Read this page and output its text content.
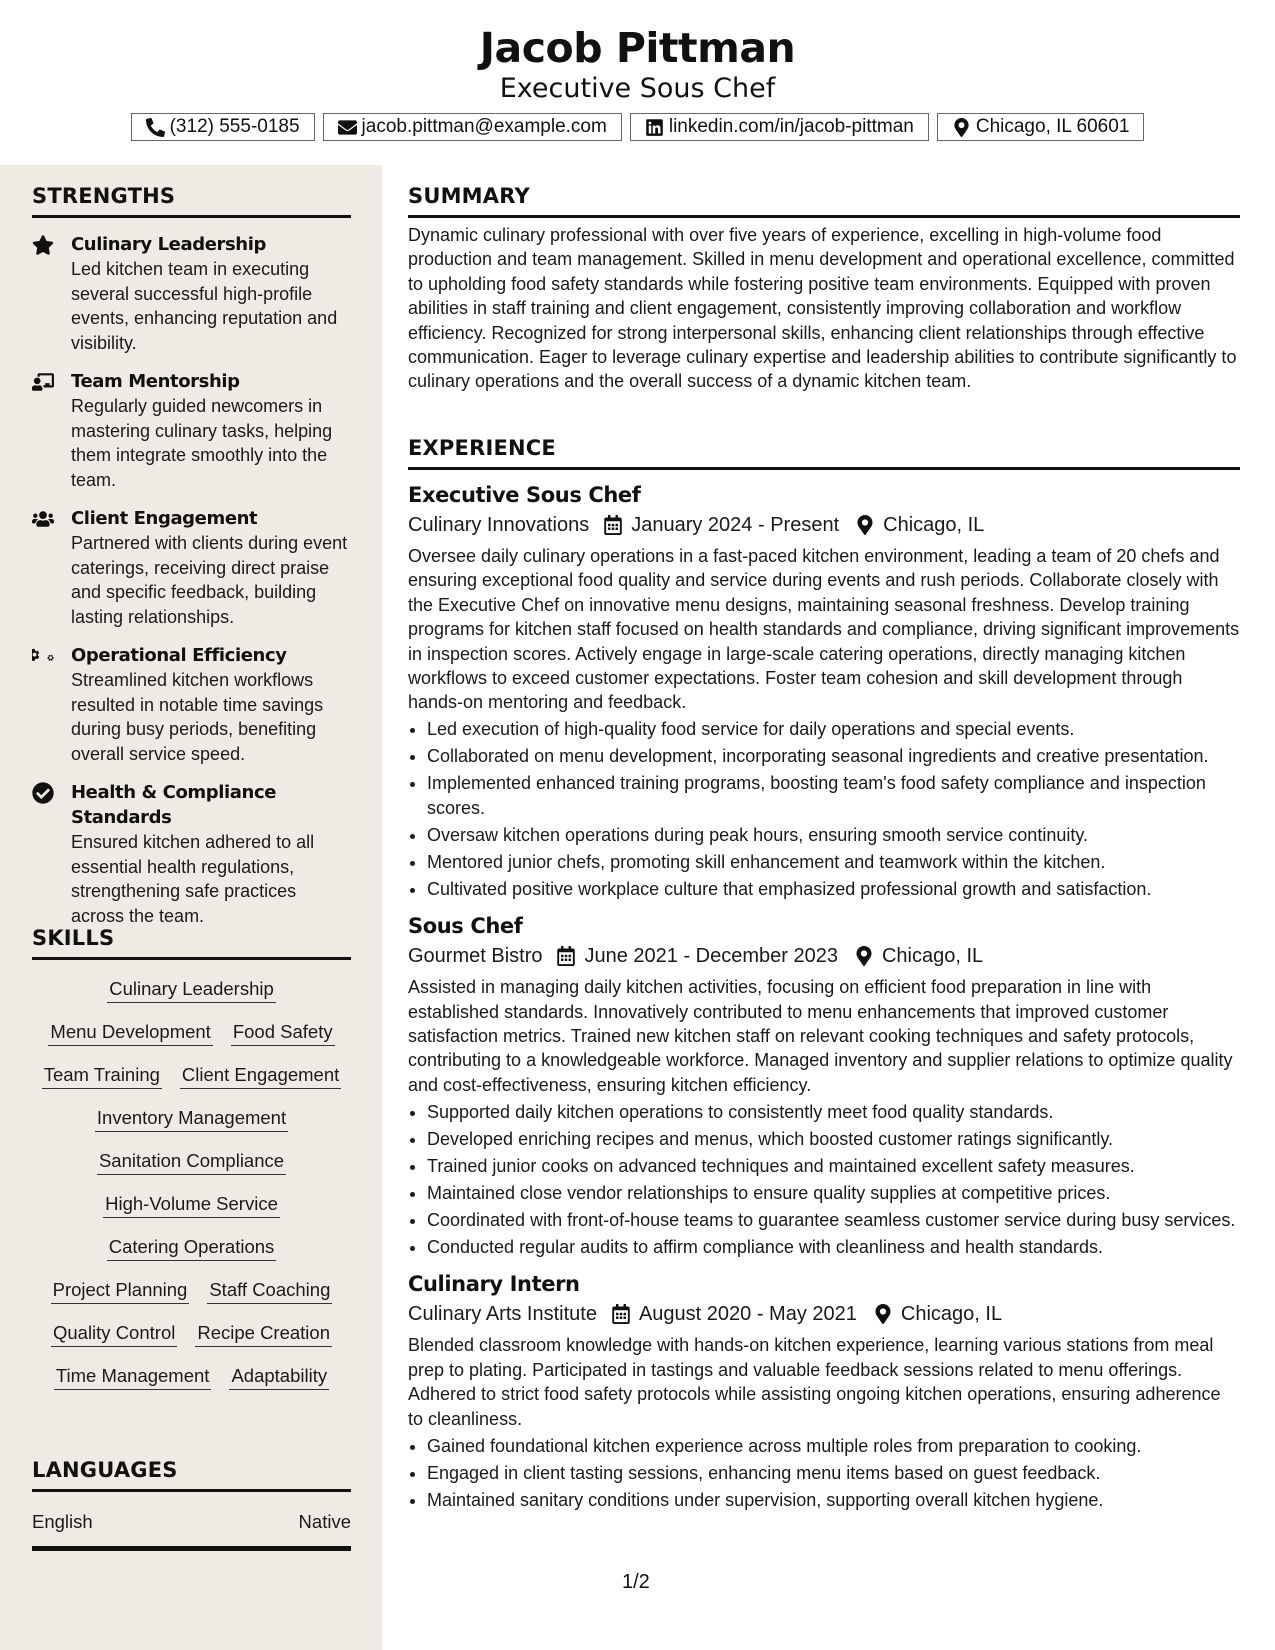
Jacob Pittman
Executive Sous Chef
(312) 555-0185	jacob.pittman@example.com	linkedin.com/in/jacob-pittman	Chicago, IL 60601
STRENGTHS
Culinary Leadership

Led kitchen team in executing several successful high-profile events, enhancing reputation and visibility.

Team Mentorship

Regularly guided newcomers in mastering culinary tasks, helping them integrate smoothly into the team.

Client Engagement

Partnered with clients during event caterings, receiving direct praise and specific feedback, building lasting relationships.

Operational Efficiency

Streamlined kitchen workflows resulted in notable time savings during busy periods, benefiting overall service speed.

Health & Compliance Standards

Ensured kitchen adhered to all essential health regulations, strengthening safe practices across the team.

SKILLS
Culinary Leadership
Menu Development Food Safety
Team Training Client Engagement
Inventory Management
Sanitation Compliance
High-Volume Service
Catering Operations
Project Planning Staff Coaching
Quality Control Recipe Creation
Time Management Adaptability
LANGUAGES
English	Native
SUMMARY

Dynamic culinary professional with over five years of experience, excelling in high-volume food production and team management. Skilled in menu development and operational excellence, committed to upholding food safety standards while fostering positive team environments. Equipped with proven abilities in staff training and client engagement, consistently improving collaboration and workflow efficiency. Recognized for strong interpersonal skills, enhancing client relationships through effective communication. Eager to leverage culinary expertise and leadership abilities to contribute significantly to culinary operations and the overall success of a dynamic kitchen team.

EXPERIENCE
Executive Sous Chef
Culinary Innovations January 2024 - Present Chicago, IL

Oversee daily culinary operations in a fast-paced kitchen environment, leading a team of 20 chefs and ensuring exceptional food quality and service during events and rush periods. Collaborate closely with the Executive Chef on innovative menu designs, maintaining seasonal freshness. Develop training programs for kitchen staff focused on health standards and compliance, driving significant improvements in inspection scores. Actively engage in large-scale catering operations, directly managing kitchen workflows to exceed customer expectations. Foster team cohesion and skill development through hands-on mentoring and feedback.

• Led execution of high-quality food service for daily operations and special events.
• Collaborated on menu development, incorporating seasonal ingredients and creative presentation.
• Implemented enhanced training programs, boosting team's food safety compliance and inspection scores.
• Oversaw kitchen operations during peak hours, ensuring smooth service continuity.
• Mentored junior chefs, promoting skill enhancement and teamwork within the kitchen.
• Cultivated positive workplace culture that emphasized professional growth and satisfaction.
Sous Chef
Gourmet Bistro June 2021 - December 2023 Chicago, IL

Assisted in managing daily kitchen activities, focusing on efficient food preparation in line with established standards. Innovatively contributed to menu enhancements that improved customer satisfaction metrics. Trained new kitchen staff on relevant cooking techniques and safety protocols, contributing to a knowledgeable workforce. Managed inventory and supplier relations to optimize quality and cost-effectiveness, ensuring kitchen efficiency.

• Supported daily kitchen operations to consistently meet food quality standards.
• Developed enriching recipes and menus, which boosted customer ratings significantly.
• Trained junior cooks on advanced techniques and maintained excellent safety measures.
• Maintained close vendor relationships to ensure quality supplies at competitive prices.
• Coordinated with front-of-house teams to guarantee seamless customer service during busy services.
• Conducted regular audits to affirm compliance with cleanliness and health standards.
Culinary Intern
Culinary Arts Institute August 2020 - May 2021 Chicago, IL

Blended classroom knowledge with hands-on kitchen experience, learning various stations from meal prep to plating. Participated in tastings and valuable feedback sessions related to menu offerings. Adhered to strict food safety protocols while assisting ongoing kitchen operations, ensuring adherence to cleanliness.

• Gained foundational kitchen experience across multiple roles from preparation to cooking.
• Engaged in client tasting sessions, enhancing menu items based on guest feedback.
• Maintained sanitary conditions under supervision, supporting overall kitchen hygiene.
1/2
